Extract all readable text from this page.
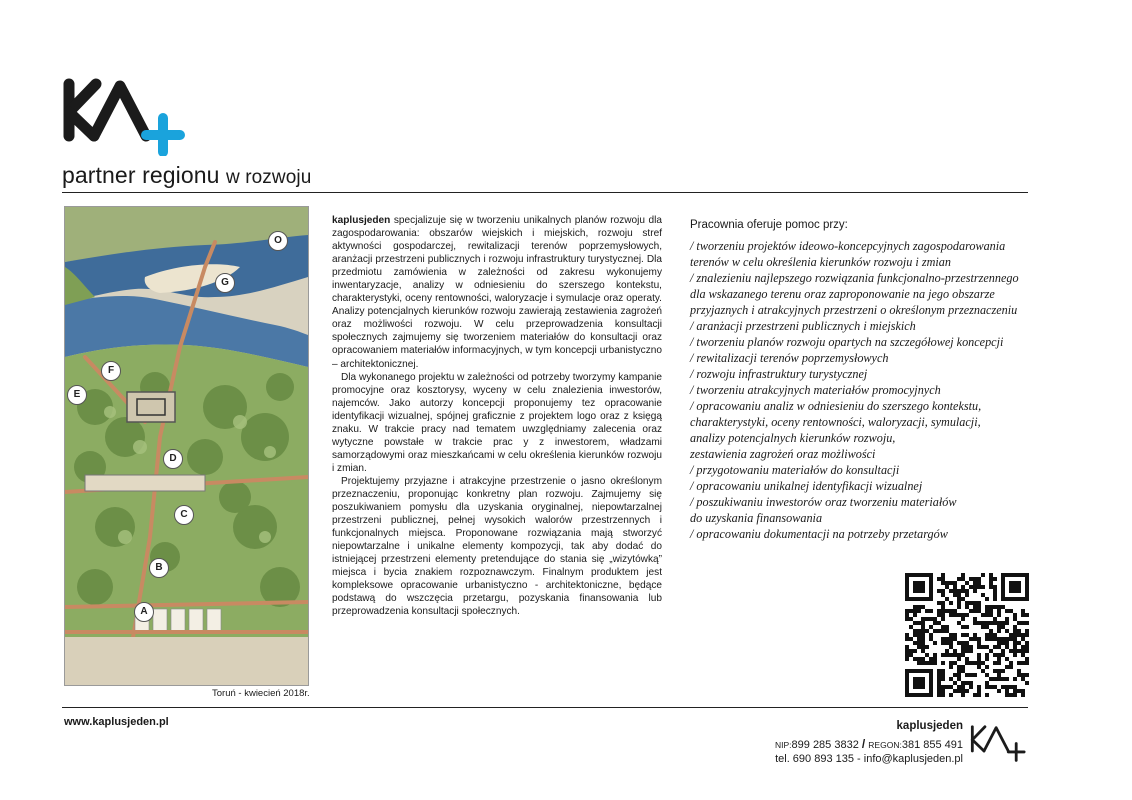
partner regionu w rozwoju
O
G
F
E
D
C
B
A
Toruń - kwiecień 2018r.

kaplusjeden specjalizuje się w tworzeniu unikalnych planów rozwoju dla zagospodarowania: obszarów wiejskich i miejskich, rozwoju stref aktywności gospodarczej, rewitalizacji terenów poprzemysłowych, aranżacji przestrzeni publicznych i rozwoju infrastruktury turystycznej. Dla przedmiotu zamówienia w zależności od zakresu wykonujemy inwentaryzacje, analizy w odniesieniu do szerszego kontekstu, charakterystyki, oceny rentowności, waloryzacje i symulacje oraz operaty. Analizy potencjalnych kierunków rozwoju zawierają zestawienia zagrożeń oraz możliwości rozwoju. W celu przeprowadzenia konsultacji społecznych zajmujemy się tworzeniem materiałów do konsultacji oraz opracowaniem materiałów informacyjnych, w tym koncepcji urbanistyczno – architektonicznej.

Dla wykonanego projektu w zależności od potrzeby tworzymy kampanie promocyjne oraz kosztorysy, wyceny w celu znalezienia inwestorów, najemców. Jako autorzy koncepcji proponujemy tez opracowanie identyfikacji wizualnej, spójnej graficznie z projektem logo oraz z księgą znaku. W trakcie pracy nad tematem uwzględniamy zalecenia oraz wytyczne powstałe w trakcie prac y z inwestorem, władzami samorządowymi oraz mieszkańcami w celu określenia kierunków rozwoju i zmian.

Projektujemy przyjazne i atrakcyjne przestrzenie o jasno określonym przeznaczeniu, proponując konkretny plan rozwoju. Zajmujemy się poszukiwaniem pomysłu dla uzyskania oryginalnej, niepowtarzalnej przestrzeni publicznej, pełnej wysokich walorów przestrzennych i funkcjonalnych miejsca. Proponowane rozwiązania mają stworzyć niepowtarzalne i unikalne elementy kompozycji, tak aby dodać do istniejącej przestrzeni elementy pretendujące do stania się „wizytówką” miejsca i bycia znakiem rozpoznawczym. Finalnym produktem jest kompleksowe opracowanie urbanistyczno - architektoniczne, będące podstawą do wszczęcia przetargu, pozyskania finansowania lub przeprowadzenia konsultacji społecznych.

Pracownia oferuje pomoc przy:
/ tworzeniu projektów ideowo-koncepcyjnych zagospodarowania
terenów w celu określenia kierunków rozwoju i zmian
/ znalezieniu najlepszego rozwiązania funkcjonalno-przestrzennego
dla wskazanego terenu oraz zaproponowanie na jego obszarze
przyjaznych i atrakcyjnych przestrzeni o określonym przeznaczeniu
/ aranżacji przestrzeni publicznych i miejskich
/ tworzeniu planów rozwoju opartych na szczegółowej koncepcji
/ rewitalizacji terenów poprzemysłowych
/ rozwoju infrastruktury turystycznej
/ tworzeniu atrakcyjnych materiałów promocyjnych
/ opracowaniu analiz w odniesieniu do szerszego kontekstu,
charakterystyki, oceny rentowności, waloryzacji, symulacji,
analizy potencjalnych kierunków rozwoju,
zestawienia zagrożeń oraz możliwości
/ przygotowaniu materiałów do konsultacji
/ opracowaniu unikalnej identyfikacji wizualnej
/ poszukiwaniu inwestorów oraz tworzeniu materiałów
do uzyskania finansowania
/ opracowaniu dokumentacji na potrzeby przetargów
www.kaplusjeden.pl	kaplusjeden
NIP:899 285 3832 / REGON:381 855 491
tel. 690 893 135 - info@kaplusjeden.pl
